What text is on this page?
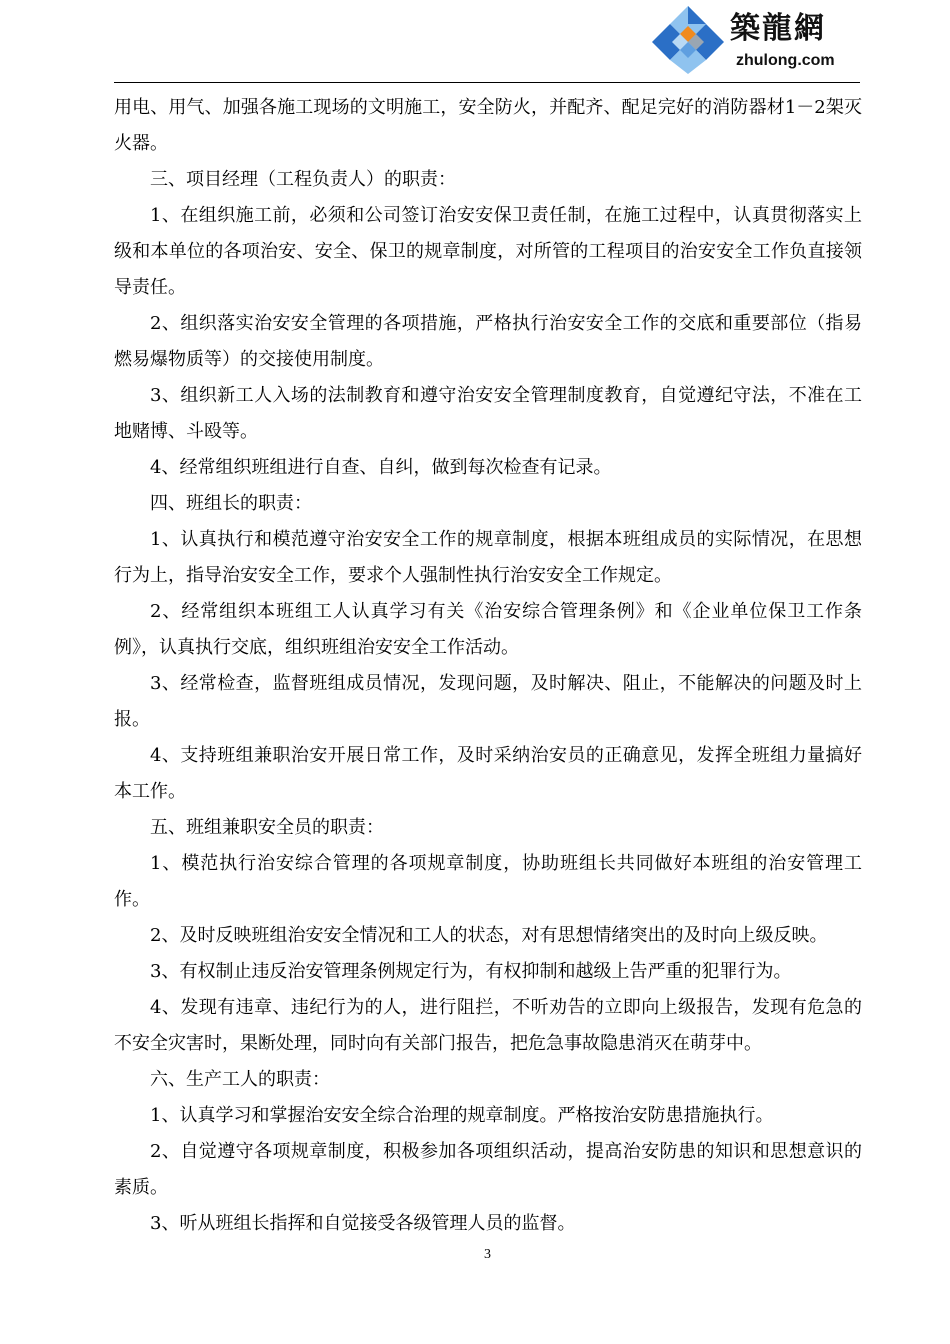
築龍網
zhulong.com

用电、用气、加强各施工现场的文明施工，安全防火，并配齐、配足完好的消防器材1－2架灭火器。

三、项目经理（工程负责人）的职责：

1、在组织施工前，必须和公司签订治安安保卫责任制，在施工过程中，认真贯彻落实上级和本单位的各项治安、安全、保卫的规章制度，对所管的工程项目的治安安全工作负直接领导责任。

2、组织落实治安安全管理的各项措施，严格执行治安安全工作的交底和重要部位（指易燃易爆物质等）的交接使用制度。

3、组织新工人入场的法制教育和遵守治安安全管理制度教育，自觉遵纪守法，不准在工地赌博、斗殴等。

4、经常组织班组进行自查、自纠，做到每次检查有记录。

四、班组长的职责：

1、认真执行和模范遵守治安安全工作的规章制度，根据本班组成员的实际情况，在思想行为上，指导治安安全工作，要求个人强制性执行治安安全工作规定。

2、经常组织本班组工人认真学习有关《治安综合管理条例》和《企业单位保卫工作条例》，认真执行交底，组织班组治安安全工作活动。

3、经常检查，监督班组成员情况，发现问题，及时解决、阻止，不能解决的问题及时上报。

4、支持班组兼职治安开展日常工作，及时采纳治安员的正确意见，发挥全班组力量搞好本工作。

五、班组兼职安全员的职责：

1、模范执行治安综合管理的各项规章制度，协助班组长共同做好本班组的治安管理工作。

2、及时反映班组治安安全情况和工人的状态，对有思想情绪突出的及时向上级反映。

3、有权制止违反治安管理条例规定行为，有权抑制和越级上告严重的犯罪行为。

4、发现有违章、违纪行为的人，进行阻拦，不听劝告的立即向上级报告，发现有危急的不安全灾害时，果断处理，同时向有关部门报告，把危急事故隐患消灭在萌芽中。

六、生产工人的职责：

1、认真学习和掌握治安安全综合治理的规章制度。严格按治安防患措施执行。

2、自觉遵守各项规章制度，积极参加各项组织活动，提高治安防患的知识和思想意识的素质。

3、听从班组长指挥和自觉接受各级管理人员的监督。

3
